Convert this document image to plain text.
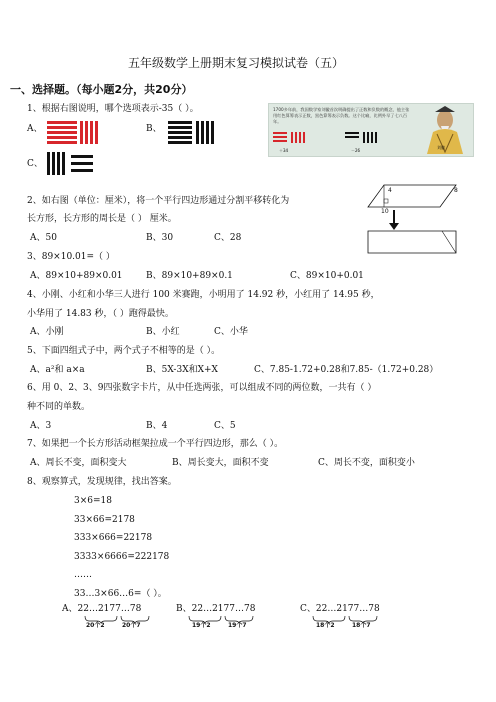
五年级数学上册期末复习模拟试卷（五）
一、选择题。（每小题2分，共20分）
1、根据右图说明，哪个选项表示-35（ ）。
A、	B、
C、
1700多年前，我国数学家刘徽首次明确提出了正数和负数的概念，他主张用红色算筹表示正数，黑色算筹表示负数。这个比喻，比例外早了七八百年。
＋34	－26
刘徽
2、如右图（单位：厘米），将一个平行四边形通过分割平移转化为
长方形，长方形的周长是（ ） 厘米。
A、50	B、30	C、28
4	8
10
3、89×10.01=（ ）
A、89×10+89×0.01	B、89×10+89×0.1	C、89×10+0.01
4、小刚、小红和小华三人进行 100 米赛跑，小明用了 14.92 秒，小红用了 14.95 秒，
小华用了 14.83 秒，（ ）跑得最快。
A、小刚	B、小红	C、小华
5、下面四组式子中，两个式子不相等的是（ ）。
A、a²和 a×a	B、5X-3X和X+X	C、7.85-1.72+0.28和7.85-（1.72+0.28）
6、用 0、2、3、9四张数字卡片，从中任选两张，可以组成不同的两位数，一共有（ ）
种不同的单数。
A、3	B、4	C、5
7、如果把一个长方形活动框架拉成一个平行四边形，那么（ ）。
A、周长不变，面积变大	B、周长变大，面积不变	C、周长不变，面积变小
8、观察算式，发现规律，找出答案。
3×6=18
33×66=2178
333×666=22178
3333×6666=222178
……
33…3×66…6=（ ）。
A、22…2177…78
20个2	20个7
B、22…2177…78
19个2	19个7
C、22…2177…78
18个2	18个7
